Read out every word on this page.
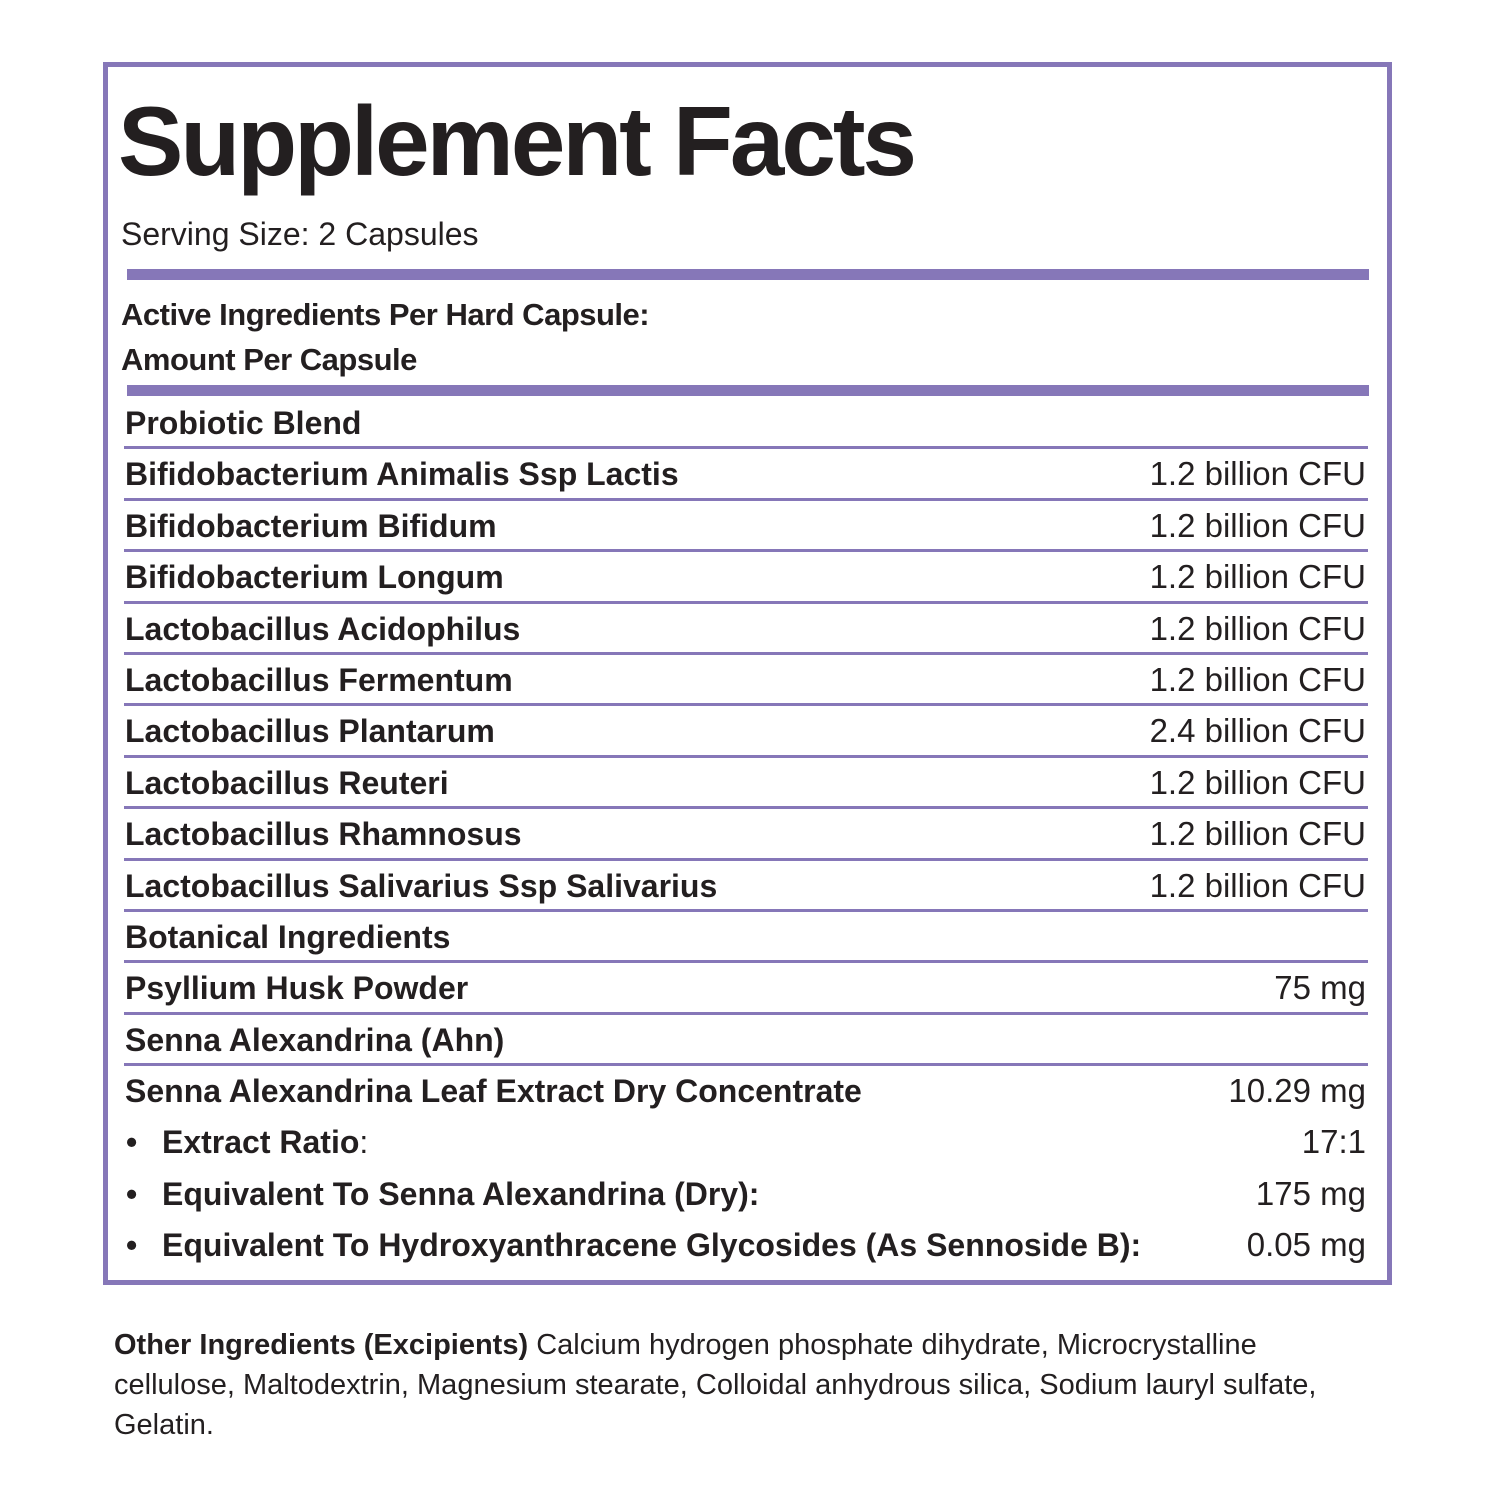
Supplement Facts
Serving Size: 2 Capsules
Active Ingredients Per Hard Capsule:
Amount Per Capsule
Probiotic Blend
Bifidobacterium Animalis Ssp Lactis	1.2 billion CFU
Bifidobacterium Bifidum	1.2 billion CFU
Bifidobacterium Longum	1.2 billion CFU
Lactobacillus Acidophilus	1.2 billion CFU
Lactobacillus Fermentum	1.2 billion CFU
Lactobacillus Plantarum	2.4 billion CFU
Lactobacillus Reuteri	1.2 billion CFU
Lactobacillus Rhamnosus	1.2 billion CFU
Lactobacillus Salivarius Ssp Salivarius	1.2 billion CFU
Botanical Ingredients
Psyllium Husk Powder	75 mg
Senna Alexandrina (Ahn)
Senna Alexandrina Leaf Extract Dry Concentrate	10.29 mg
• Extract Ratio:	17:1
• Equivalent To Senna Alexandrina (Dry):	175 mg
• Equivalent To Hydroxyanthracene Glycosides (As Sennoside B):	0.05 mg
Other Ingredients (Excipients) Calcium hydrogen phosphate dihydrate, Microcrystalline cellulose, Maltodextrin, Magnesium stearate, Colloidal anhydrous silica, Sodium lauryl sulfate, Gelatin.
